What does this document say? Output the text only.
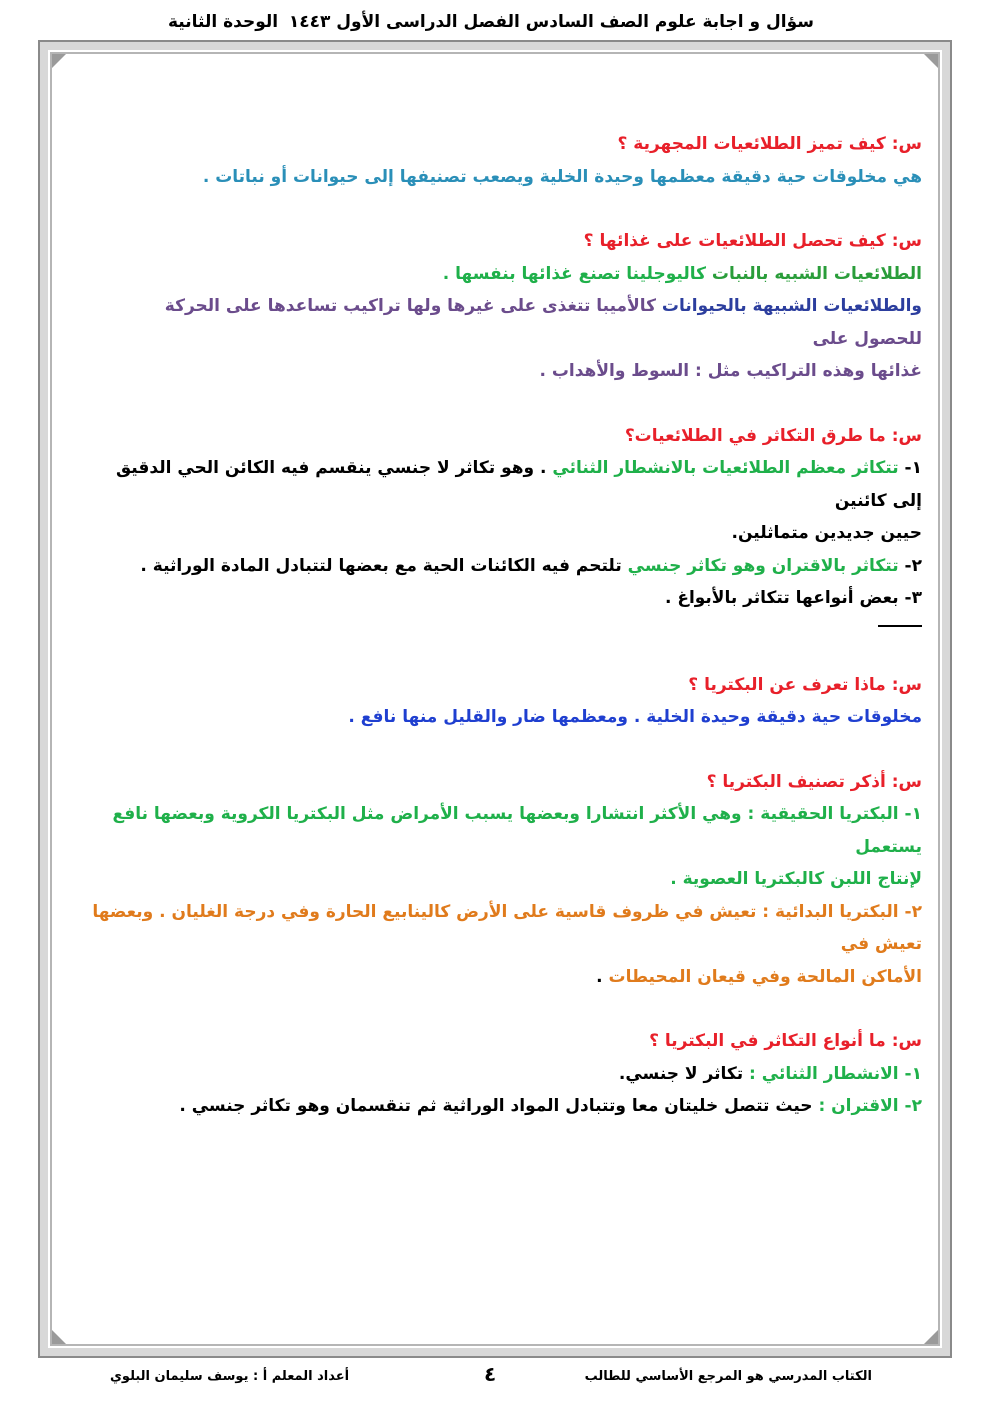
سؤال و اجابة علوم الصف السادس الفصل الدراسى الأول ١٤٤٣
الوحدة الثانية
س: كيف تميز الطلائعيات المجهرية ؟
هي مخلوقات حية دقيقة معظمها وحيدة الخلية ويصعب تصنيفها إلى حيوانات أو نباتات .
س: كيف تحصل الطلائعيات على غذائها ؟
الطلائعيات الشبيه بالنبات كاليوجلينا تصنع غذائها بنفسها .
والطلائعيات الشبيهة بالحيوانات كالأميبا تتغذى على غيرها ولها تراكيب تساعدها على الحركة للحصول على
غذائها وهذه التراكيب مثل : السوط والأهداب .
س: ما طرق التكاثر في الطلائعيات؟
١- تتكاثر معظم الطلائعيات بالانشطار الثنائي . وهو تكاثر لا جنسي ينقسم فيه الكائن الحي الدقيق إلى كائنين
حيين جديدين متماثلين.
٢- تتكاثر بالاقتران وهو تكاثر جنسي تلتحم فيه الكائنات الحية مع بعضها لتتبادل المادة الوراثية .
٣- بعض أنواعها تتكاثر بالأبواغ .
س: ماذا تعرف عن البكتريا ؟
مخلوقات حية دقيقة وحيدة الخلية . ومعظمها ضار والقليل منها نافع .
س: أذكر تصنيف البكتريا ؟
١- البكتريا الحقيقية : وهي الأكثر انتشارا وبعضها يسبب الأمراض مثل البكتريا الكروية وبعضها نافع يستعمل
لإنتاج اللبن كالبكتريا العصوية .
٢- البكتريا البدائية : تعيش في ظروف قاسية على الأرض كالينابيع الحارة وفي درجة الغليان . وبعضها تعيش في
الأماكن المالحة وفي قيعان المحيطات .
س: ما أنواع التكاثر في البكتريا ؟
١- الانشطار الثنائي : تكاثر لا جنسي.
٢- الاقتران : حيث تتصل خليتان معا وتتبادل المواد الوراثية ثم تنقسمان وهو تكاثر جنسي .
الكتاب المدرسي هو المرجع الأساسي للطالب
٤
أعداد المعلم أ : يوسف سليمان البلوي
